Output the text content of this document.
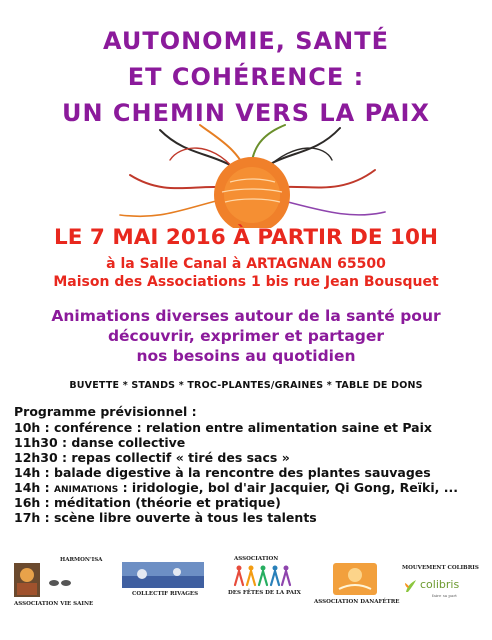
AUTONOMIE, SANTÉ
ET COHÉRENCE :
UN CHEMIN VERS LA PAIX
LE 7 MAI 2016 À PARTIR DE 10H
à la Salle Canal à ARTAGNAN 65500
Maison des Associations 1 bis rue Jean Bousquet
Animations diverses autour de la santé pour
découvrir, exprimer et partager
nos besoins au quotidien
BUVETTE * STANDS * TROC-PLANTES/GRAINES * TABLE DE DONS
Programme prévisionnel :
10h : conférence : relation entre alimentation saine et Paix
11h30 : danse collective
12h30 : repas collectif « tiré des sacs »
14h : balade digestive à la rencontre des plantes sauvages
14h : ANIMATIONS : iridologie, bol d'air Jacquier, Qi Gong, Reïki, ...
16h : méditation (théorie et pratique)
17h : scène libre ouverte à tous les talents
HARMON'ISA
ASSOCIATION VIE SAINE
COLLECTIF RIVAGES
ASSOCIATION
DES FÊTES DE LA PAIX
ASSOCIATION DANAFÉTRE
MOUVEMENT COLIBRIS
colibris
faire sa part
